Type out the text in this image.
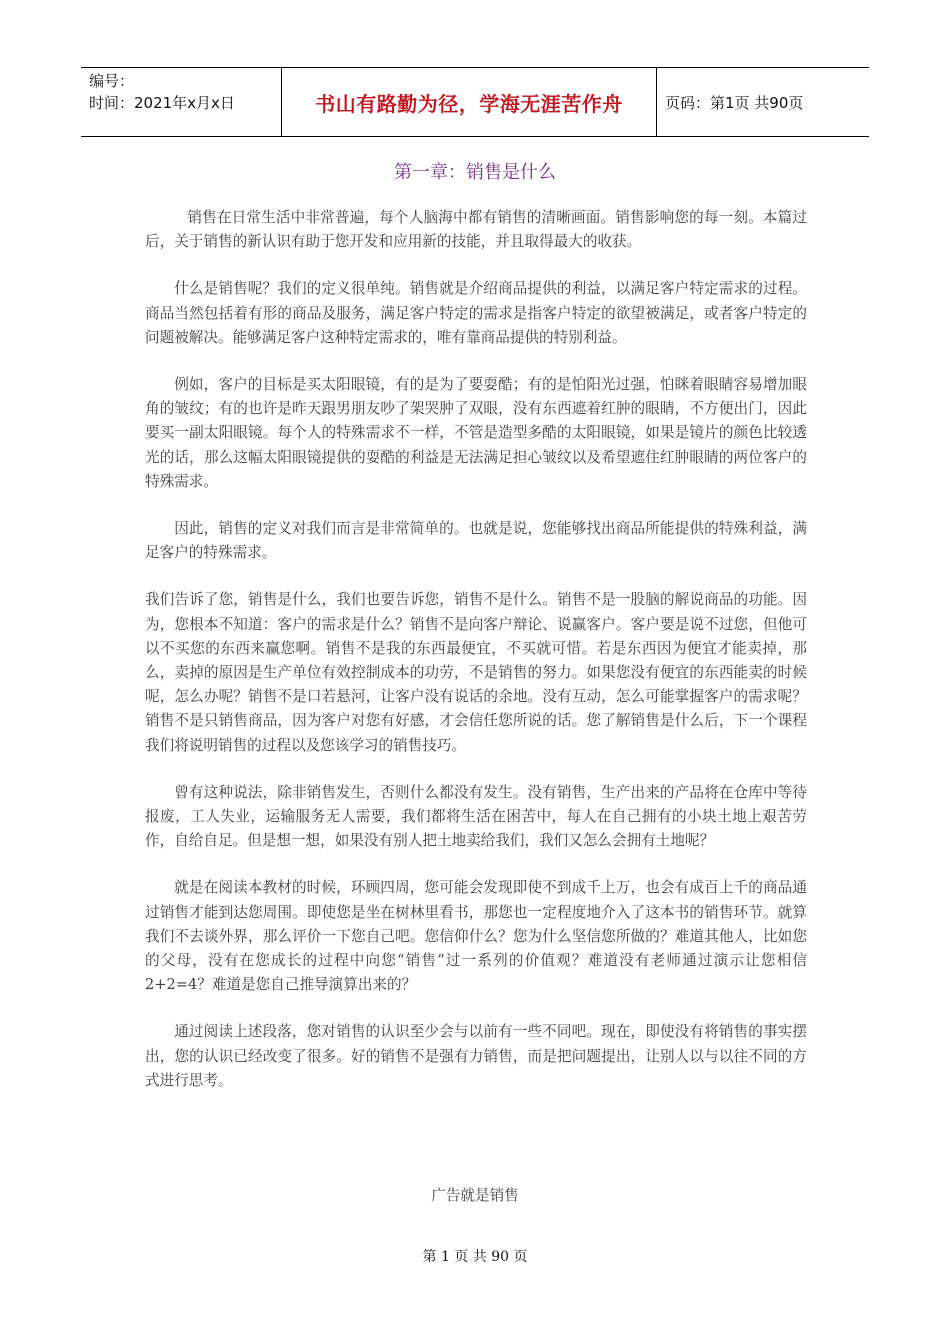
编号：
时间：2021年x月x日	书山有路勤为径，学海无涯苦作舟	页码：第1页 共90页
第一章：销售是什么

销售在日常生活中非常普遍，每个人脑海中都有销售的清晰画面。销售影响您的每一刻。本篇过后，关于销售的新认识有助于您开发和应用新的技能，并且取得最大的收获。

什么是销售呢？我们的定义很单纯。销售就是介绍商品提供的利益，以满足客户特定需求的过程。商品当然包括着有形的商品及服务，满足客户特定的需求是指客户特定的欲望被满足，或者客户特定的问题被解决。能够满足客户这种特定需求的，唯有靠商品提供的特别利益。

例如，客户的目标是买太阳眼镜，有的是为了要耍酷；有的是怕阳光过强，怕眯着眼睛容易增加眼角的皱纹；有的也许是昨天跟男朋友吵了架哭肿了双眼，没有东西遮着红肿的眼睛，不方便出门，因此要买一副太阳眼镜。每个人的特殊需求不一样，不管是造型多酷的太阳眼镜，如果是镜片的颜色比较透光的话，那么这幅太阳眼镜提供的耍酷的利益是无法满足担心皱纹以及希望遮住红肿眼睛的两位客户的特殊需求。

因此，销售的定义对我们而言是非常简单的。也就是说，您能够找出商品所能提供的特殊利益，满足客户的特殊需求。

我们告诉了您，销售是什么，我们也要告诉您，销售不是什么。销售不是一股脑的解说商品的功能。因为，您根本不知道：客户的需求是什么？销售不是向客户辩论、说赢客户。客户要是说不过您，但他可以不买您的东西来赢您啊。销售不是我的东西最便宜，不买就可惜。若是东西因为便宜才能卖掉，那么，卖掉的原因是生产单位有效控制成本的功劳，不是销售的努力。如果您没有便宜的东西能卖的时候呢，怎么办呢？销售不是口若悬河，让客户没有说话的余地。没有互动，怎么可能掌握客户的需求呢？销售不是只销售商品，因为客户对您有好感，才会信任您所说的话。您了解销售是什么后，下一个课程我们将说明销售的过程以及您该学习的销售技巧。

曾有这种说法，除非销售发生，否则什么都没有发生。没有销售，生产出来的产品将在仓库中等待报废，工人失业，运输服务无人需要，我们都将生活在困苦中，每人在自己拥有的小块土地上艰苦劳作，自给自足。但是想一想，如果没有别人把土地卖给我们，我们又怎么会拥有土地呢？

就是在阅读本教材的时候，环顾四周，您可能会发现即使不到成千上万，也会有成百上千的商品通过销售才能到达您周围。即使您是坐在树林里看书，那您也一定程度地介入了这本书的销售环节。就算我们不去谈外界，那么评价一下您自己吧。您信仰什么？您为什么坚信您所做的？难道其他人，比如您的父母，没有在您成长的过程中向您“销售”过一系列的价值观？难道没有老师通过演示让您相信2+2=4？难道是您自己推导演算出来的？

通过阅读上述段落，您对销售的认识至少会与以前有一些不同吧。现在，即使没有将销售的事实摆出，您的认识已经改变了很多。好的销售不是强有力销售，而是把问题提出，让别人以与以往不同的方式进行思考。

广告就是销售
第 1 页 共 90 页
